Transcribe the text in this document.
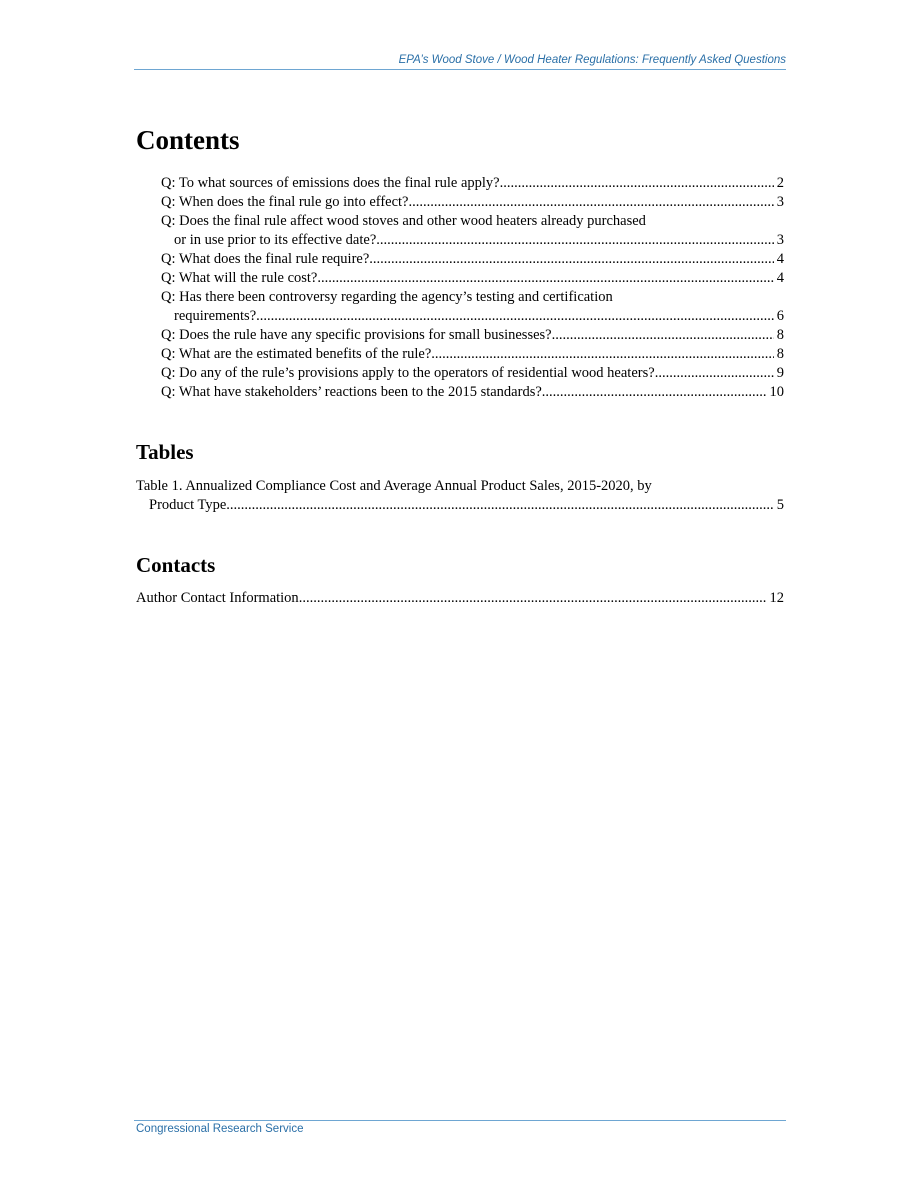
EPA’s Wood Stove / Wood Heater Regulations: Frequently Asked Questions
Contents
Q: To what sources of emissions does the final rule apply? .....	2
Q: When does the final rule go into effect? .....	3
Q: Does the final rule affect wood stoves and other wood heaters already purchased
or in use prior to its effective date? .....	3
Q: What does the final rule require? .....	4
Q: What will the rule cost? .....	4
Q: Has there been controversy regarding the agency’s testing and certification
requirements? .....	6
Q: Does the rule have any specific provisions for small businesses? .....	8
Q: What are the estimated benefits of the rule? .....	8
Q: Do any of the rule’s provisions apply to the operators of residential wood heaters? .....	9
Q: What have stakeholders’ reactions been to the 2015 standards? .....	10
Tables
Table 1. Annualized Compliance Cost and Average Annual Product Sales, 2015-2020, by
Product Type .....	5
Contacts
Author Contact Information .....	12
Congressional Research Service
